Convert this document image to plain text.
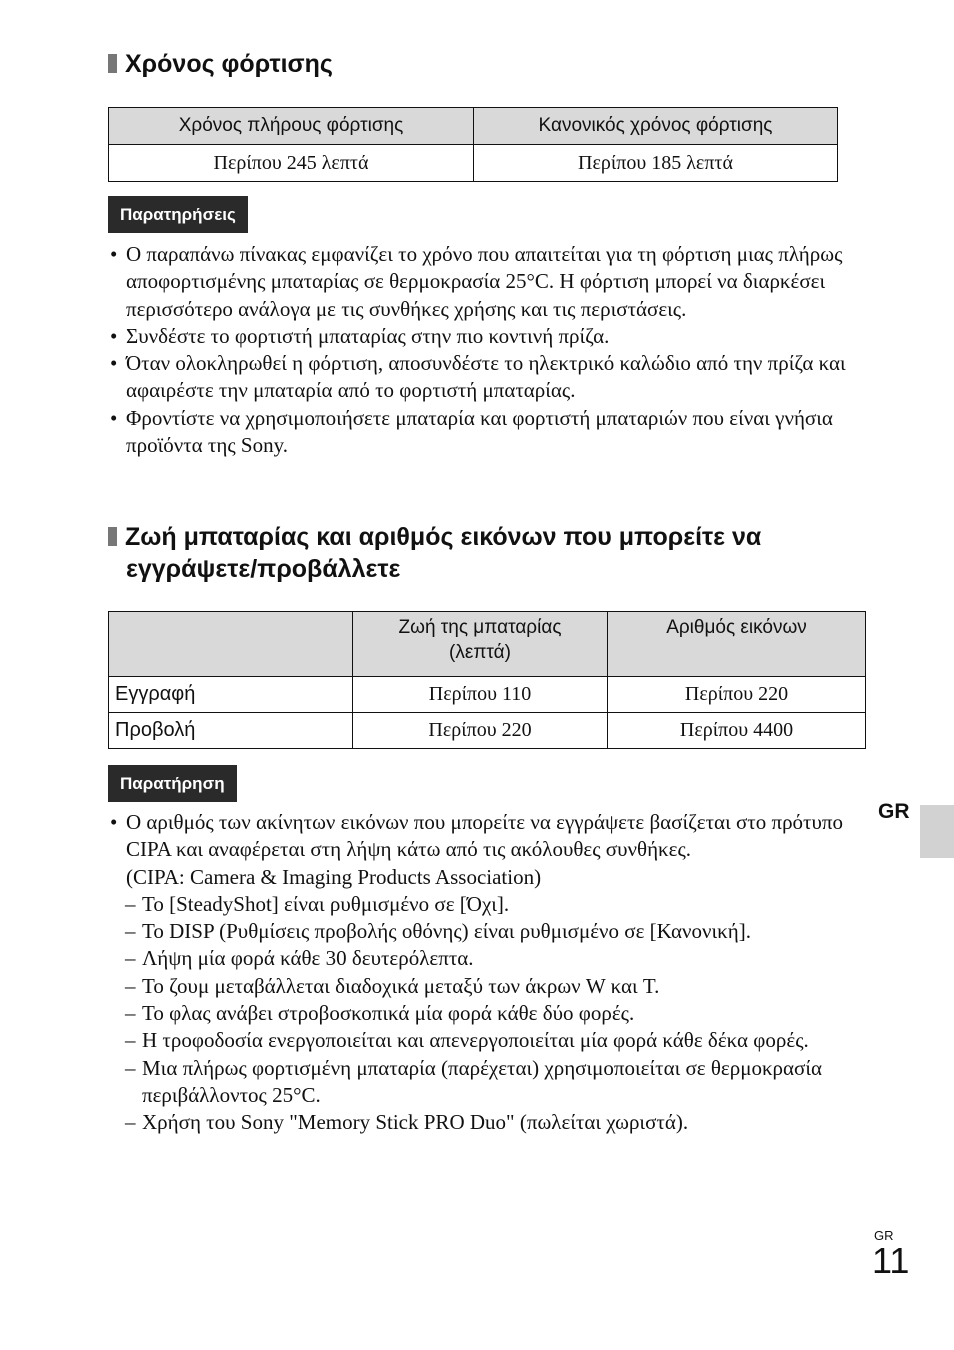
Χρόνος φόρτισης
Χρόνος πλήρους φόρτισης	Κανονικός χρόνος φόρτισης
Περίπου 245 λεπτά	Περίπου 185 λεπτά
Παρατηρήσεις
• Ο παραπάνω πίνακας εμφανίζει το χρόνο που απαιτείται για τη φόρτιση μιας πλήρως αποφορτισμένης μπαταρίας σε θερμοκρασία 25°C. Η φόρτιση μπορεί να διαρκέσει περισσότερο ανάλογα με τις συνθήκες χρήσης και τις περιστάσεις.
• Συνδέστε το φορτιστή μπαταρίας στην πιο κοντινή πρίζα.
• Όταν ολοκληρωθεί η φόρτιση, αποσυνδέστε το ηλεκτρικό καλώδιο από την πρίζα και αφαιρέστε την μπαταρία από το φορτιστή μπαταρίας.
• Φροντίστε να χρησιμοποιήσετε μπαταρία και φορτιστή μπαταριών που είναι γνήσια προϊόντα της Sony.
Ζωή μπαταρίας και αριθμός εικόνων που μπορείτε να
εγγράψετε/προβάλλετε
	Ζωή της μπαταρίας (λεπτά)	Αριθμός εικόνων
Εγγραφή	Περίπου 110	Περίπου 220
Προβολή	Περίπου 220	Περίπου 4400
Παρατήρηση
• Ο αριθμός των ακίνητων εικόνων που μπορείτε να εγγράψετε βασίζεται στο πρότυπο CIPA και αναφέρεται στη λήψη κάτω από τις ακόλουθες συνθήκες.
(CIPA: Camera & Imaging Products Association)
– Το [SteadyShot] είναι ρυθμισμένο σε [Όχι].
– Το DISP (Ρυθμίσεις προβολής οθόνης) είναι ρυθμισμένο σε [Κανονική].
– Λήψη μία φορά κάθε 30 δευτερόλεπτα.
– Το ζουμ μεταβάλλεται διαδοχικά μεταξύ των άκρων W και T.
– Το φλας ανάβει στροβοσκοπικά μία φορά κάθε δύο φορές.
– Η τροφοδοσία ενεργοποιείται και απενεργοποιείται μία φορά κάθε δέκα φορές.
– Μια πλήρως φορτισμένη μπαταρία (παρέχεται) χρησιμοποιείται σε θερμοκρασία περιβάλλοντος 25°C.
– Χρήση του Sony "Memory Stick PRO Duo" (πωλείται χωριστά).
GR
GR
11
